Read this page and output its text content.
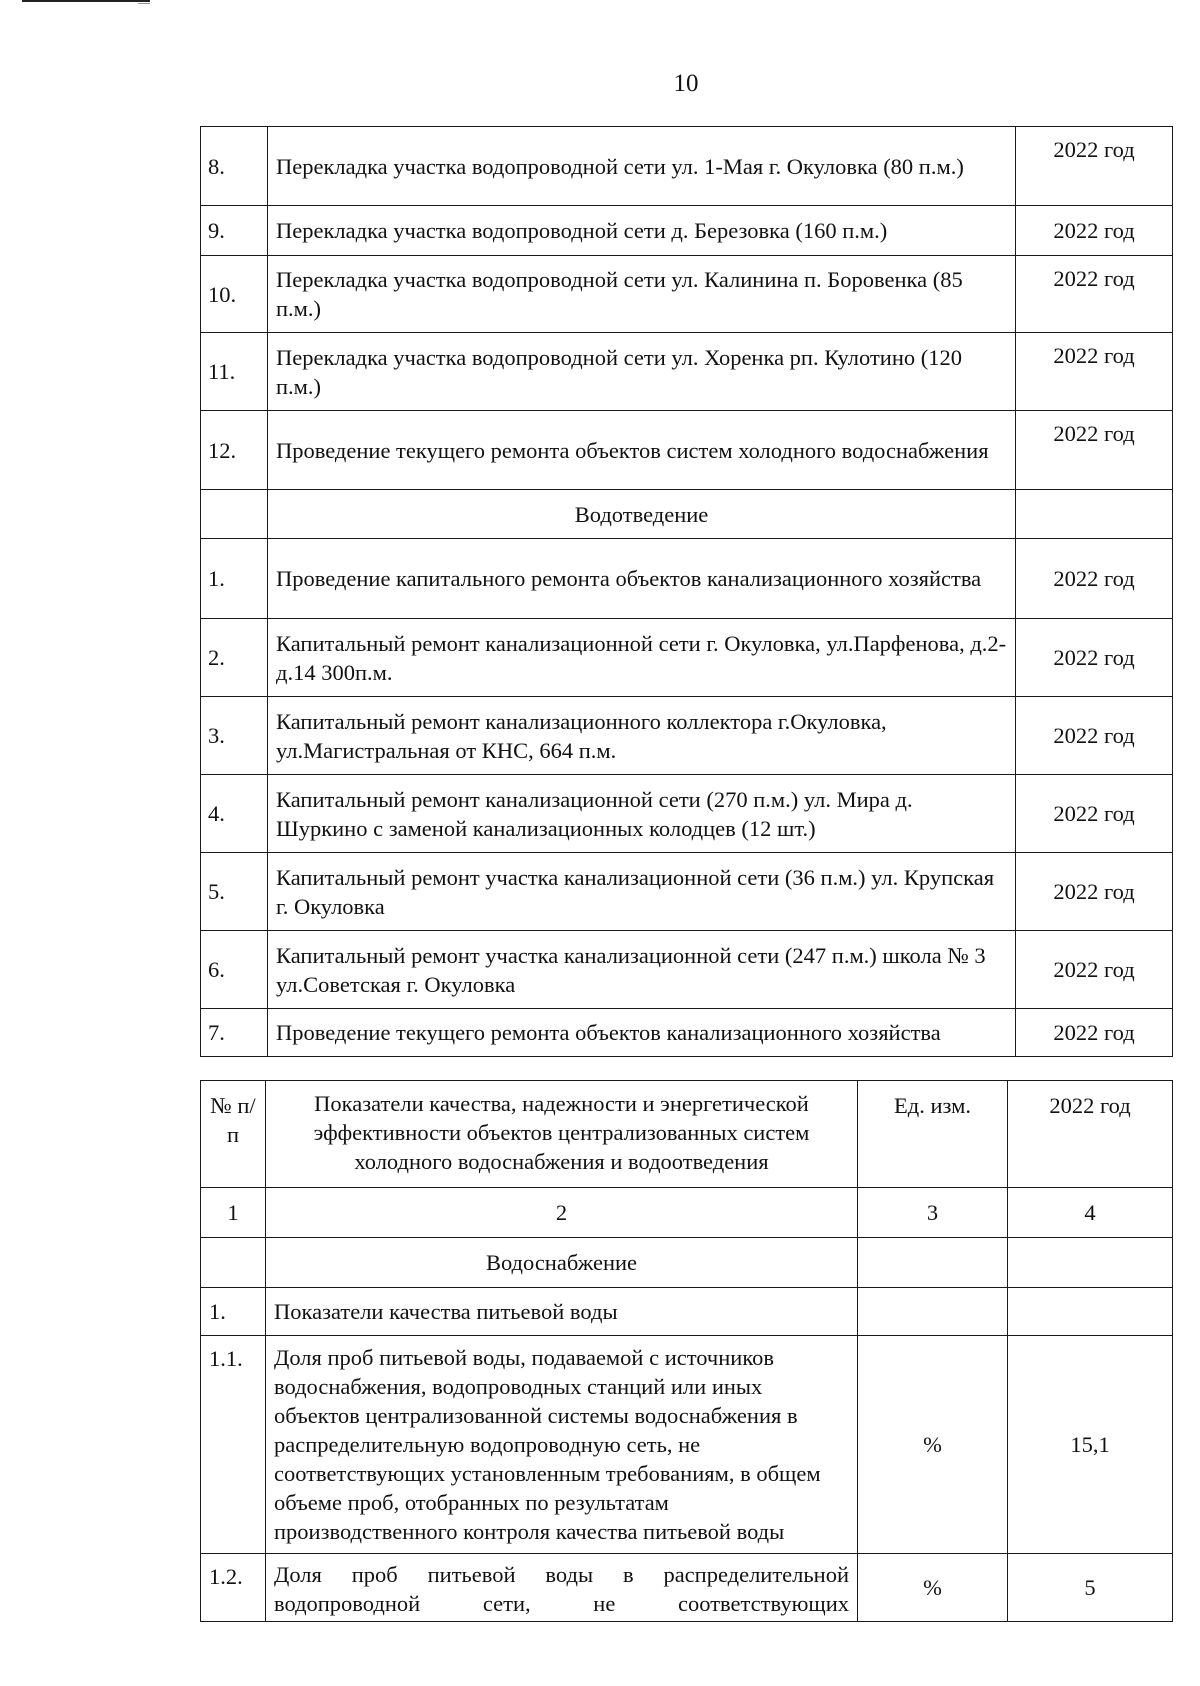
10
8.	Перекладка участка водопроводной сети ул. 1-Мая г. Окуловка (80 п.м.)	2022 год
9.	Перекладка участка водопроводной сети д. Березовка (160 п.м.)	2022 год
10.	Перекладка участка водопроводной сети ул. Калинина п. Боровенка (85 п.м.)	2022 год
11.	Перекладка участка водопроводной сети ул. Хоренка рп. Кулотино (120 п.м.)	2022 год
12.	Проведение текущего ремонта объектов систем холодного водоснабжения	2022 год
	Водотведение	
1.	Проведение капитального ремонта объектов канализационного хозяйства	2022 год
2.	Капитальный ремонт канализационной сети г. Окуловка, ул.Парфенова, д.2-д.14 300п.м.	2022 год
3.	Капитальный ремонт канализационного коллектора г.Окуловка, ул.Магистральная от КНС, 664 п.м.	2022 год
4.	Капитальный ремонт канализационной сети (270 п.м.) ул. Мира д. Шуркино с заменой канализационных колодцев (12 шт.)	2022 год
5.	Капитальный ремонт участка канализационной сети (36 п.м.) ул. Крупская г. Окуловка	2022 год
6.	Капитальный ремонт участка канализационной сети (247 п.м.) школа № 3 ул.Советская г. Окуловка	2022 год
7.	Проведение текущего ремонта объектов канализационного хозяйства	2022 год
№ п/п	Показатели качества, надежности и энергетической эффективности объектов централизованных систем холодного водоснабжения и водоотведения	Ед. изм.	2022 год
1	2	3	4
	Водоснабжение		
1.	Показатели качества питьевой воды		
1.1.	Доля проб питьевой воды, подаваемой с источников водоснабжения, водопроводных станций или иных объектов централизованной системы водоснабжения в распределительную водопроводную сеть, не соответствующих установленным требованиям, в общем объеме проб, отобранных по результатам производственного контроля качества питьевой воды	%	15,1
1.2.	Доля проб питьевой воды в распределительной водопроводной сети, не соответствующих	%	5
